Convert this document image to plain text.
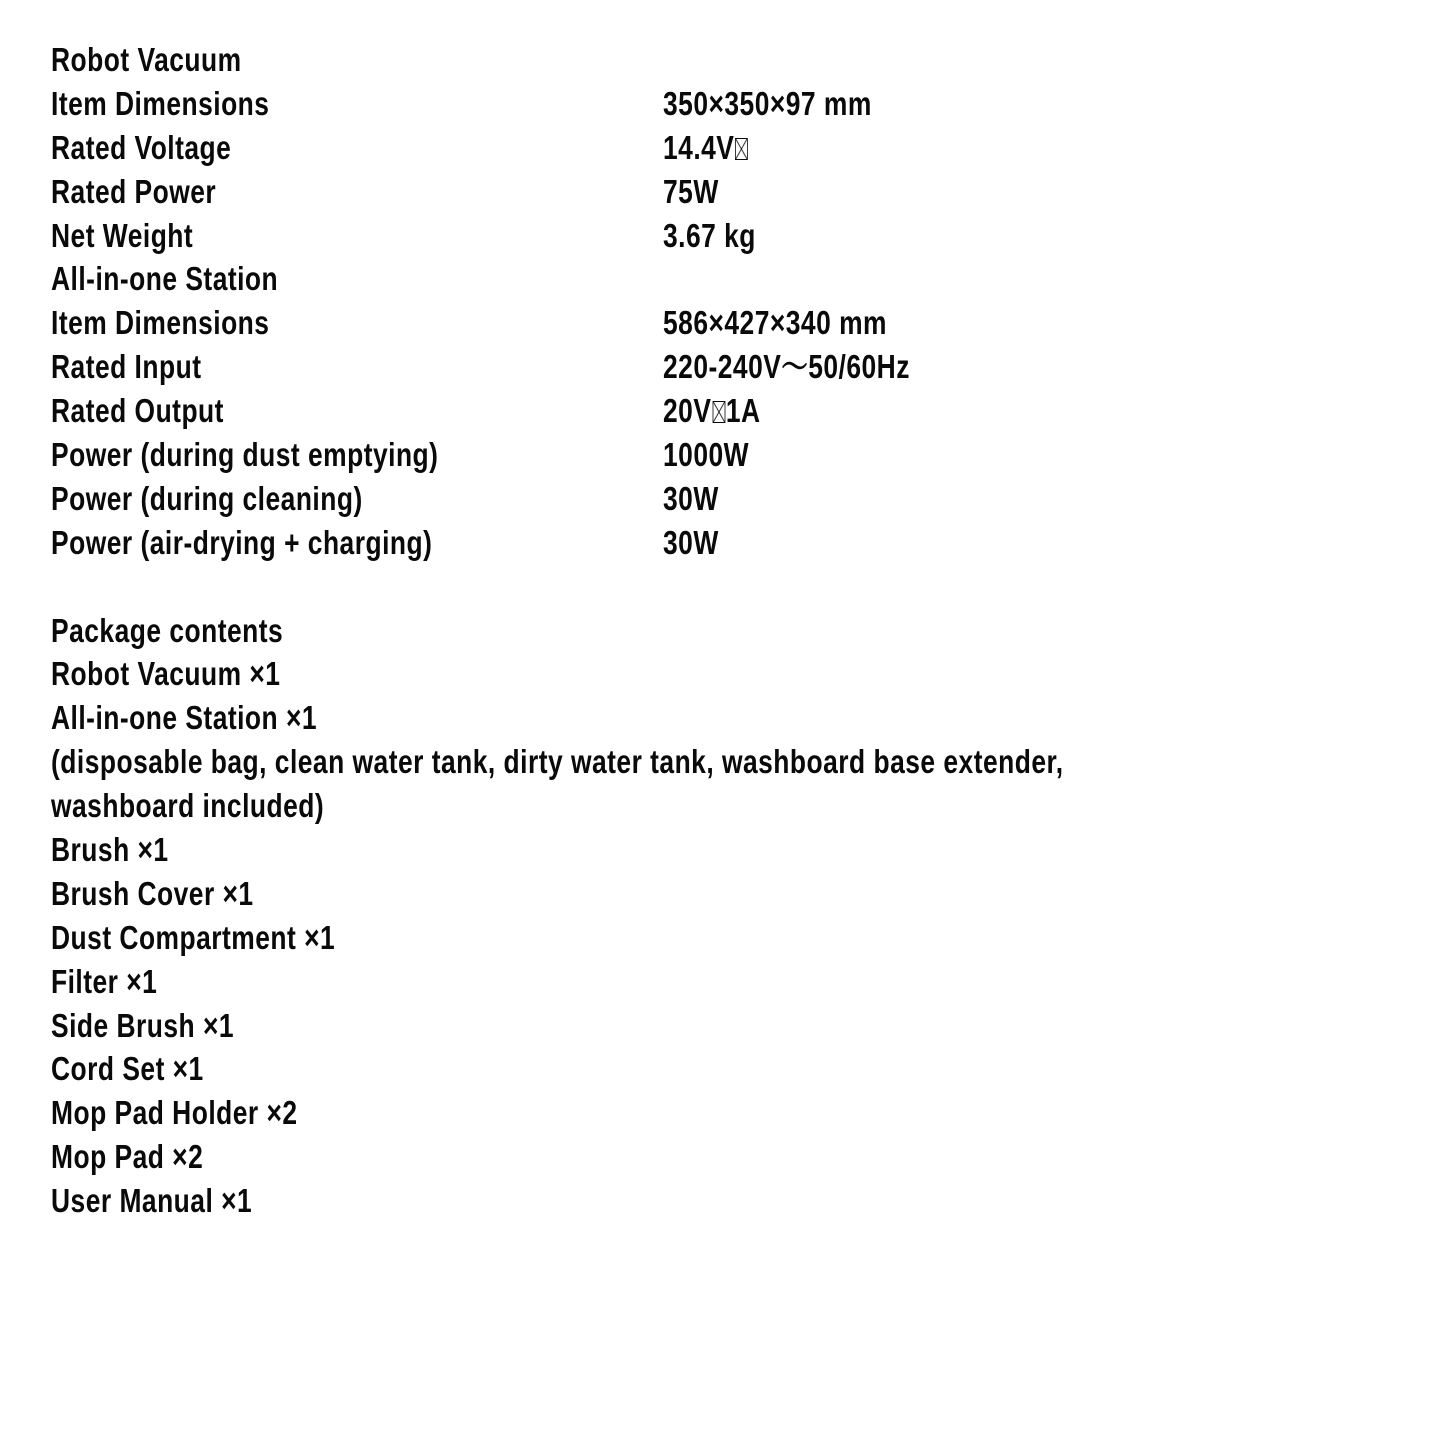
Robot Vacuum
Item Dimensions	350×350×97 mm
Rated Voltage	14.4V
Rated Power	75W
Net Weight	3.67 kg
All-in-one Station
Item Dimensions	586×427×340 mm
Rated Input	220-240V〜50/60Hz
Rated Output	20V 1A
Power (during dust emptying)	1000W
Power (during cleaning)	30W
Power (air-drying + charging)	30W
Package contents
Robot Vacuum ×1
All-in-one Station ×1
(disposable bag, clean water tank, dirty water tank, washboard base extender,
washboard included)
Brush ×1
Brush Cover ×1
Dust Compartment ×1
Filter ×1
Side Brush ×1
Cord Set ×1
Mop Pad Holder ×2
Mop Pad ×2
User Manual ×1
